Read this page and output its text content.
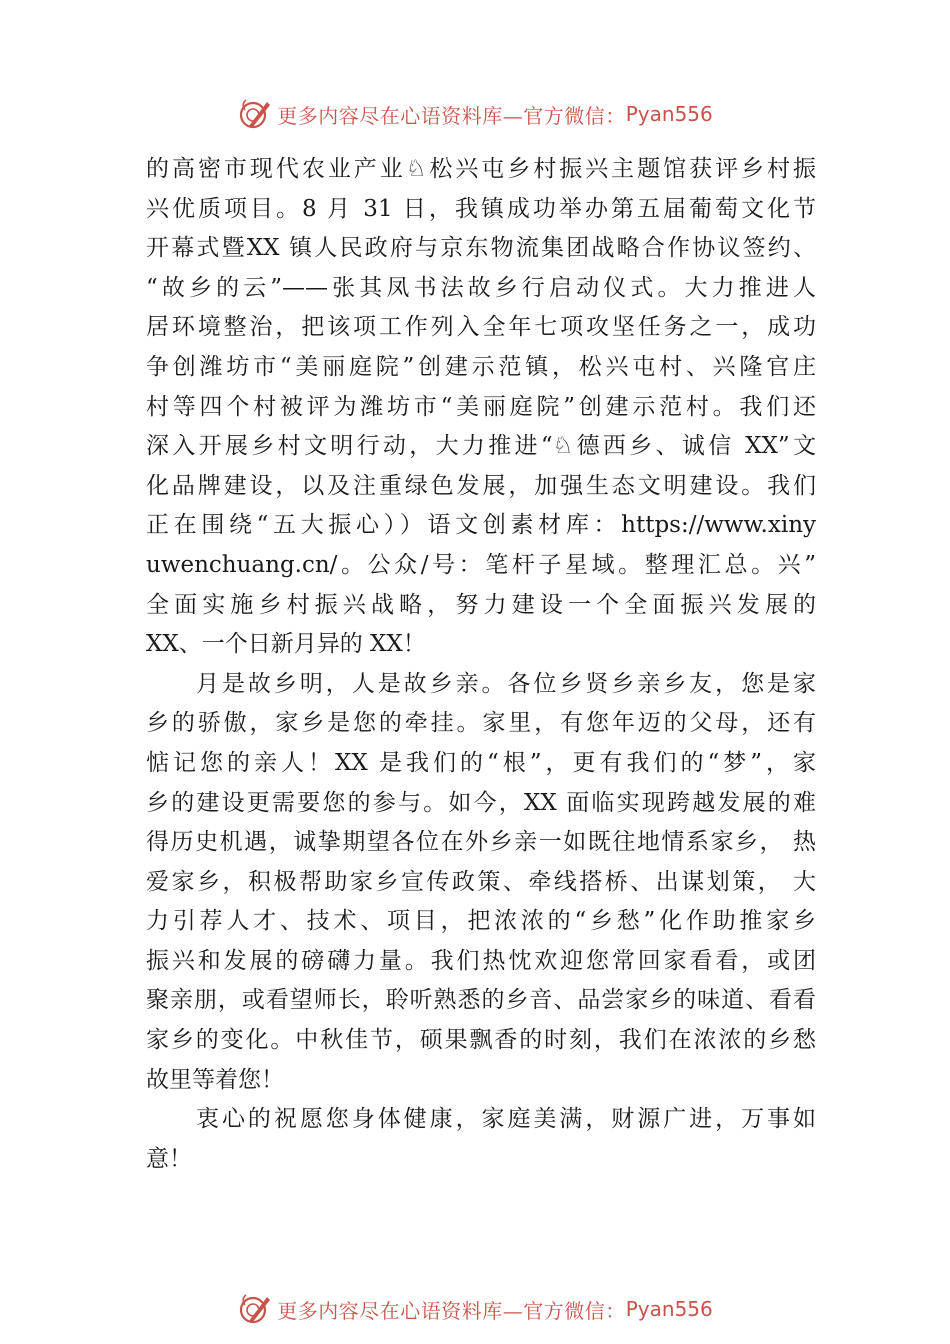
更多内容尽在心语资料库—官方微信： Pyan556
的高密市现代农业产业♘松兴屯乡村振兴主题馆获评乡村振
兴优质项目。8 月 31 日，我镇成功举办第五届葡萄文化节
开幕式暨XX 镇人民政府与京东物流集团战略合作协议签约、
“故乡的云”——张其凤书法故乡行启动仪式。大力推进人
居环境整治，把该项工作列入全年七项攻坚任务之一，成功
争创潍坊市“美丽庭院”创建示范镇，松兴屯村、兴隆官庄
村等四个村被评为潍坊市“美丽庭院”创建示范村。我们还
深入开展乡村文明行动，大力推进“♘德西乡、诚信 XX”文
化品牌建设，以及注重绿色发展，加强生态文明建设。我们
正在围绕“五大振心））语文创素材库：https://www.xiny
uwenchuang.cn/。公众/号：笔杆子星域。整理汇总。兴”
全面实施乡村振兴战略，努力建设一个全面振兴发展的
XX、一个日新月异的 XX！
月是故乡明，人是故乡亲。各位乡贤乡亲乡友，您是家
乡的骄傲，家乡是您的牵挂。家里，有您年迈的父母，还有
惦记您的亲人！XX 是我们的“根”，更有我们的“梦”，家
乡的建设更需要您的参与。如今，XX 面临实现跨越发展的难
得历史机遇，诚挚期望各位在外乡亲一如既往地情系家乡， 热
爱家乡，积极帮助家乡宣传政策、牵线搭桥、出谋划策， 大
力引荐人才、技术、项目，把浓浓的“乡愁”化作助推家乡
振兴和发展的磅礴力量。我们热忱欢迎您常回家看看，或团
聚亲朋，或看望师长，聆听熟悉的乡音、品尝家乡的味道、看看
家乡的变化。中秋佳节，硕果飘香的时刻，我们在浓浓的乡愁
故里等着您！
衷心的祝愿您身体健康，家庭美满，财源广进，万事如
意！
更多内容尽在心语资料库—官方微信： Pyan556
